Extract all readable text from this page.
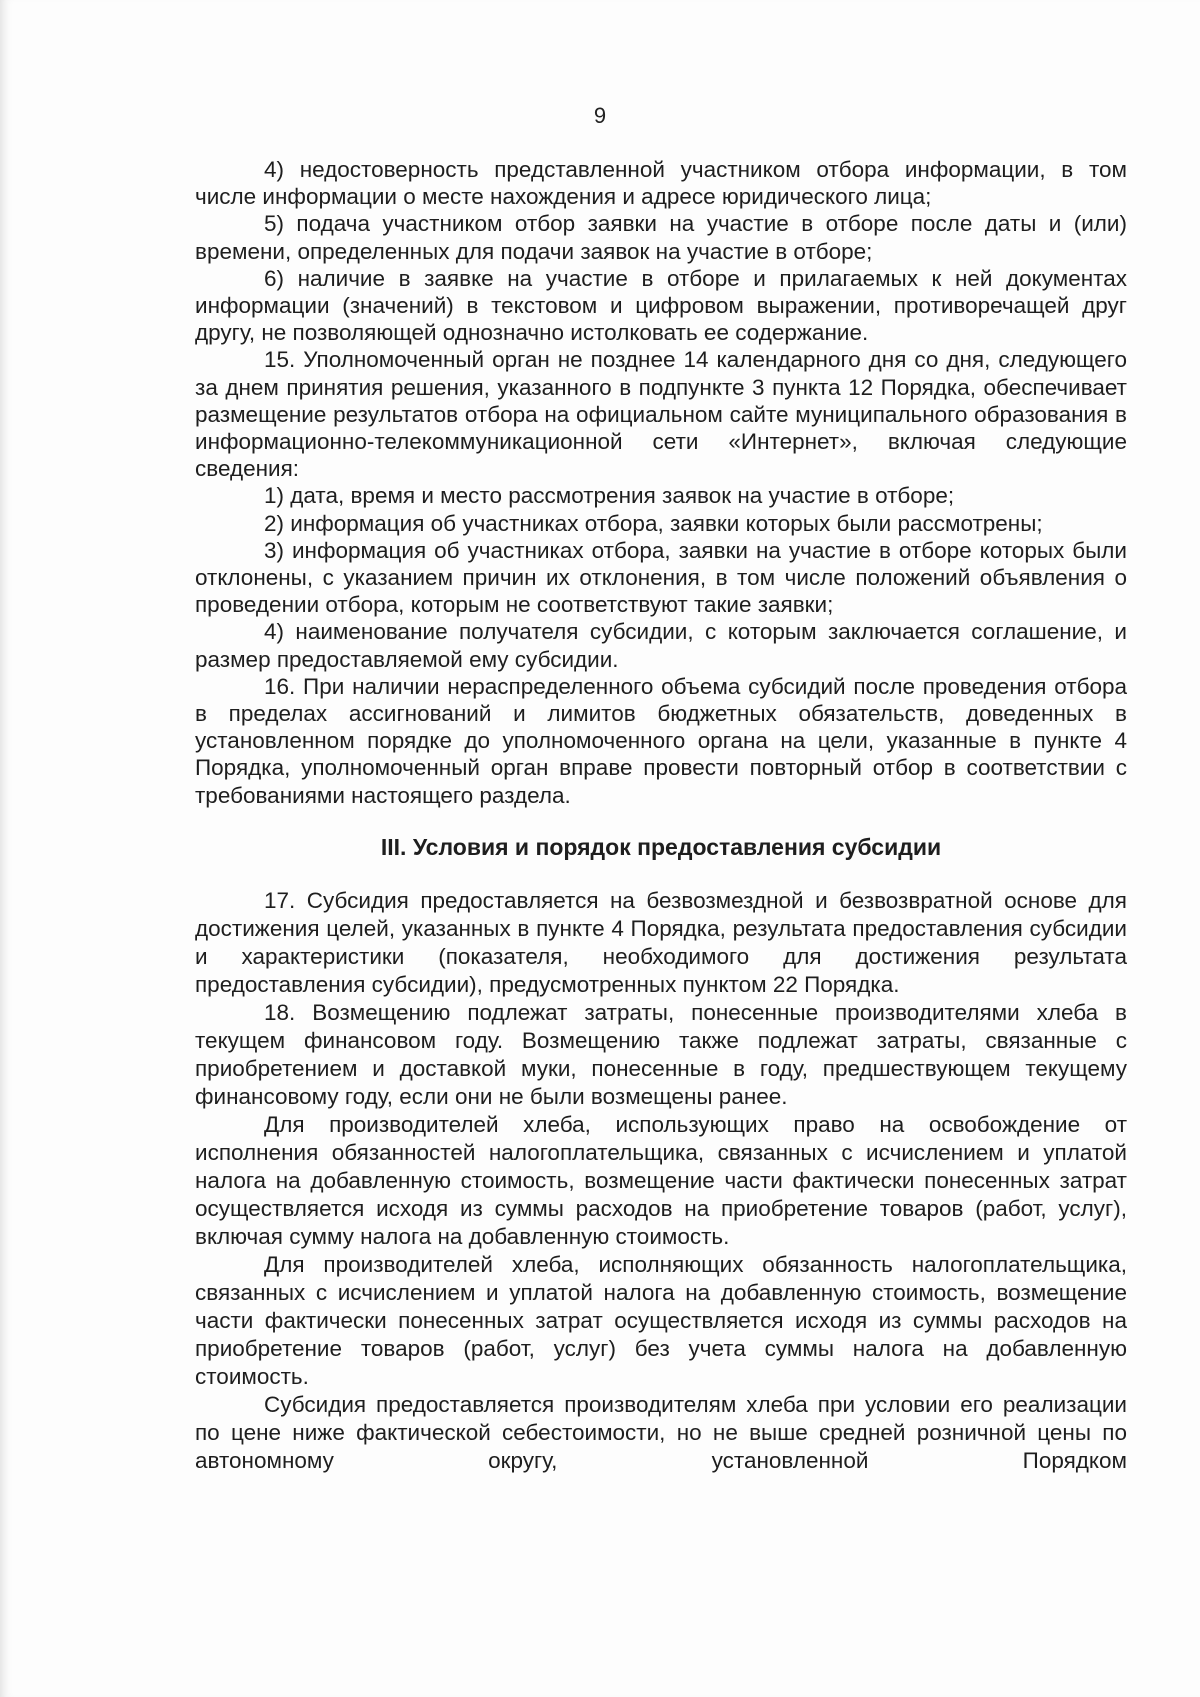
9

4) недостоверность представленной участником отбора информации, в том числе информации о месте нахождения и адресе юридического лица;

5) подача участником отбор заявки на участие в отборе после даты и (или) времени, определенных для подачи заявок на участие в отборе;

6) наличие в заявке на участие в отборе и прилагаемых к ней документах информации (значений) в текстовом и цифровом выражении, противоречащей друг другу, не позволяющей однозначно истолковать ее содержание.

15. Уполномоченный орган не позднее 14 календарного дня со дня, следующего за днем принятия решения, указанного в подпункте 3 пункта 12 Порядка, обеспечивает размещение результатов отбора на официальном сайте муниципального образования в информационно-телекоммуникационной сети «Интернет», включая следующие сведения:

1) дата, время и место рассмотрения заявок на участие в отборе;

2) информация об участниках отбора, заявки которых были рассмотрены;

3) информация об участниках отбора, заявки на участие в отборе которых были отклонены, с указанием причин их отклонения, в том числе положений объявления о проведении отбора, которым не соответствуют такие заявки;

4) наименование получателя субсидии, с которым заключается соглашение, и размер предоставляемой ему субсидии.

16. При наличии нераспределенного объема субсидий после проведения отбора в пределах ассигнований и лимитов бюджетных обязательств, доведенных в установленном порядке до уполномоченного органа на цели, указанные в пункте 4 Порядка, уполномоченный орган вправе провести повторный отбор в соответствии с требованиями настоящего раздела.

III. Условия и порядок предоставления субсидии

17. Субсидия предоставляется на безвозмездной и безвозвратной основе для достижения целей, указанных в пункте 4 Порядка, результата предоставления субсидии и характеристики (показателя, необходимого для достижения результата предоставления субсидии), предусмотренных пунктом 22 Порядка.

18. Возмещению подлежат затраты, понесенные производителями хлеба в текущем финансовом году. Возмещению также подлежат затраты, связанные с приобретением и доставкой муки, понесенные в году, предшествующем текущему финансовому году, если они не были возмещены ранее.

Для производителей хлеба, использующих право на освобождение от исполнения обязанностей налогоплательщика, связанных с исчислением и уплатой налога на добавленную стоимость, возмещение части фактически понесенных затрат осуществляется исходя из суммы расходов на приобретение товаров (работ, услуг), включая сумму налога на добавленную стоимость.

Для производителей хлеба, исполняющих обязанность налогоплательщика, связанных с исчислением и уплатой налога на добавленную стоимость, возмещение части фактически понесенных затрат осуществляется исходя из суммы расходов на приобретение товаров (работ, услуг) без учета суммы налога на добавленную стоимость.

Субсидия предоставляется производителям хлеба при условии его реализации по цене ниже фактической себестоимости, но не выше средней розничной цены по автономному округу, установленной Порядком
